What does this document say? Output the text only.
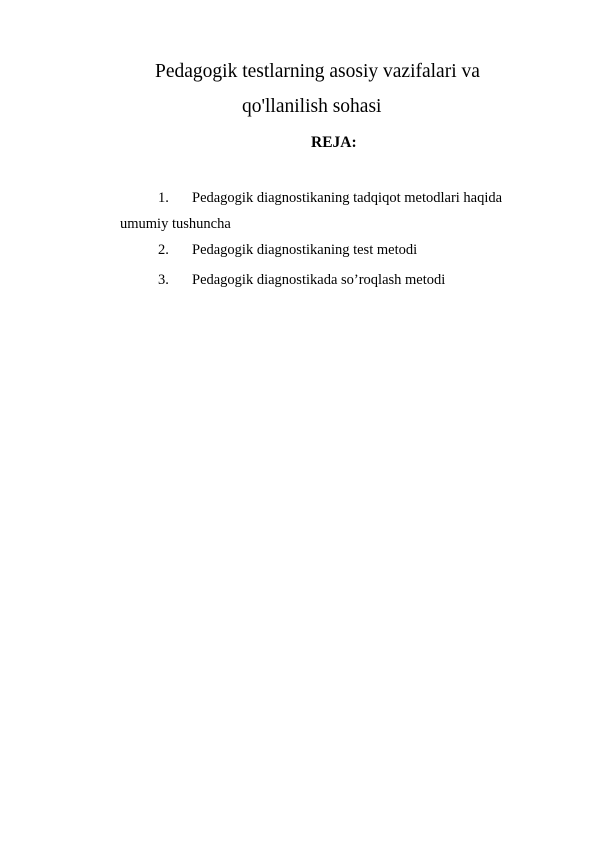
Pedagogik testlarning asosiy vazifalari va
qo'llanilish sohasi
REJA:
1. Pedagogik diagnostikaning tadqiqot metodlari haqida
umumiy tushuncha
2. Pedagogik diagnostikaning test metodi
3. Pedagogik diagnostikada so’roqlash metodi
